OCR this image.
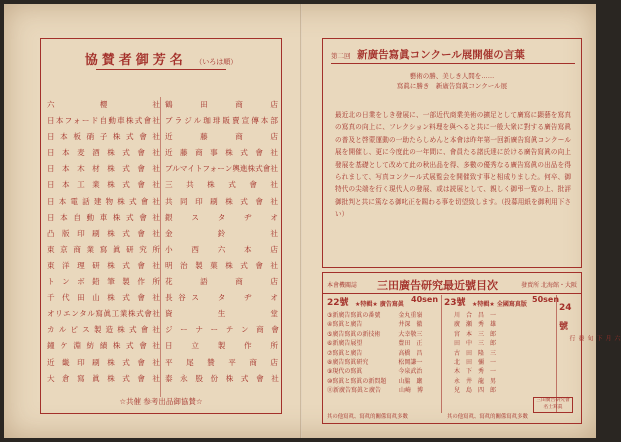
協賛者御芳名 （いろは順）
六　　櫻　　社
日本フォード自動車株式會社
日本板硝子株式會社
日本麦酒株式會社
日本木材株式會社
日本工業株式會社
日本電話建物株式會社
日本自動車株式會社
凸版印刷株式會社
東京商業寫眞研究所
東洋理研株式會社
トンボ鉛筆製作所
千代田山株式會社
オリエンタル寫眞工業株式會社
カルピス製造株式會社
鐘ケ淵紡績株式會社
近畿印刷株式會社
大倉寫眞株式會社
鶴　田　商　店
ブラジル珈琲販賣宣傳本部
近　藤　商　店
近藤商事株式會社
ブルマイトフォーン輿進株式會社
三共株式會社
共同印刷株式會社
銀　ス　タ　ヂ　オ
金　　鈴　　社
小　西　六　本　店
明治製菓株式會社
花　語　商　店
長谷ス　タ　ヂ　オ
資　　生　　堂
ジ　ー　ナ　ー　テ　ン　商　會
日　立　製　作　所
平　尾　贊　平　商　店
泰　永　股　份　株　式　會　社
☆共催 参考出品御協賛☆
第二回 新廣告寫眞コンクール展開催の言葉
藝術の勝、美しき人間を……
寫眞に勝き　新廣告寫眞コンクール展
最近北の日業をしき發展に、一部近代商業美術の擴足として廣寫に顕藝を寫真の寫真の向上に、フレクション料理を與へると共に一般大衆に對する廣告寫眞の普及と啓蒙運動の一助たらしめんと本會は昨年第一回新廣告寫眞コンクール展を開催し、更に今度此の一年間に、會員たる諸氏達に於ける廣告寫眞の向上發展を基礎として改めて此の秋出品を得、多數の優秀なる廣告寫眞の出品を得られまして、写真コンクール式展覧会を開催致す事と相成りました。何卒、御特代の尖端を行く現代人の發展、或は読展として、親しく御弔一覧の上、批評御批判と共に篤なる御叱正を賜わる事を切望致します。（投募用紙を御利用下さい）
本會機關誌 三田廣告研究最近號目次	發賣所 北海館・大阪
22號	40sen
★特輯★ 廣告寫眞
③新廣告寫眞の番號　　　金丸重嶺
④寫眞と廣告　　　　　　井深　徹
⑤廣告寫眞の新技術　　　大幸敬三
⑥新廣告展望　　　　　　豊田　正
⑦寫眞と廣告　　　　　　高橋　昌
⑧廣告寫眞研究　　　　　松岡謙一
⑨現代の寫眞　　　　　　今泉武治
⑩寫眞と寫眞の新問題　　山脇　巌
⑪新廣告寫眞と廣告　　　山崎　博
23號	50sen
★特輯★ 全國寫真版
川　合　昌　一
廣　瀬　秀　雄
宮　本　三　郎
田　中　三　郎
古　田　隆　三
北　田　彌　一
木　下　秀　一
永　井　龍　男
兒　島　四　郎
24號
六月下旬發行
三田廣告研究會 名士寫眞
其の他寫眞、寫眞的關係寫眞多數	其の他寫眞、寫眞的關係寫眞多數
